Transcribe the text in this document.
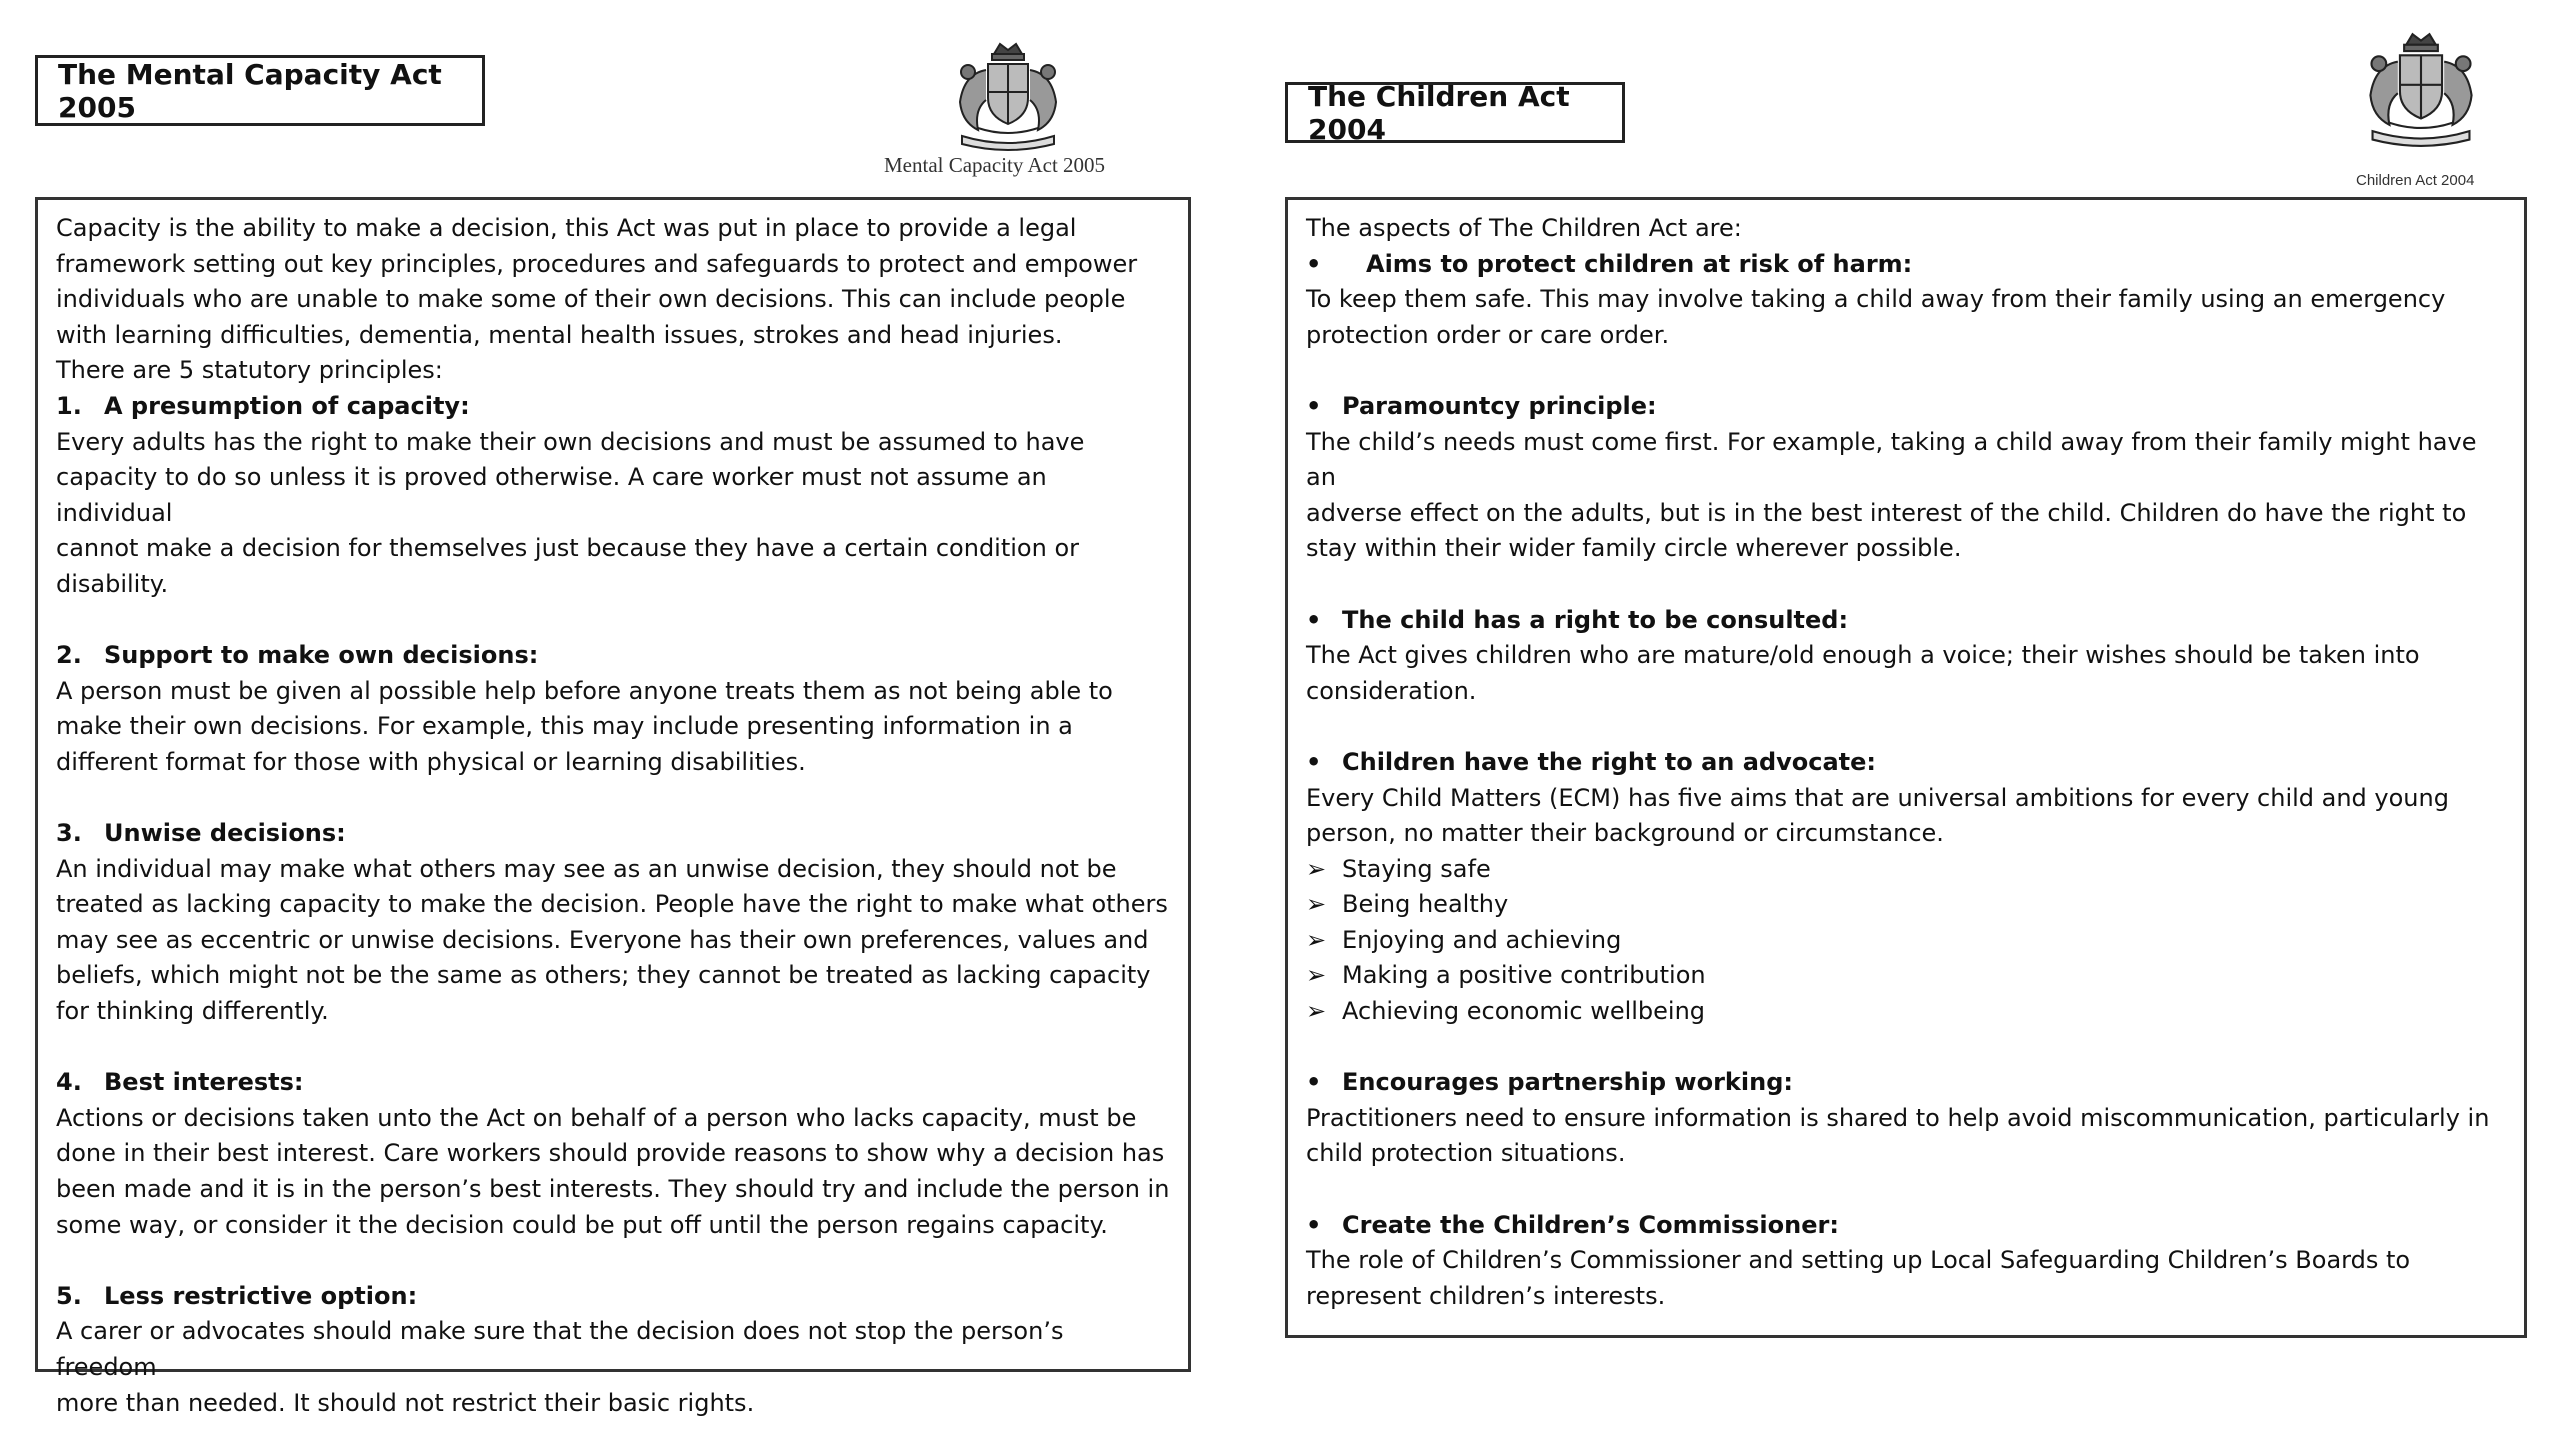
The Mental Capacity Act 2005
Mental Capacity Act 2005
The Children Act 2004
Children Act 2004
Capacity is the ability to make a decision, this Act was put in place to provide a legal
framework setting out key principles, procedures and safeguards to protect and empower
individuals who are unable to make some of their own decisions. This can include people
with learning difficulties, dementia, mental health issues, strokes and head injuries.
There are 5 statutory principles:
1. A presumption of capacity:
Every adults has the right to make their own decisions and must be assumed to have
capacity to do so unless it is proved otherwise. A care worker must not assume an individual
cannot make a decision for themselves just because they have a certain condition or
disability.
2. Support to make own decisions:
A person must be given al possible help before anyone treats them as not being able to
make their own decisions. For example, this may include presenting information in a
different format for those with physical or learning disabilities.
3. Unwise decisions:
An individual may make what others may see as an unwise decision, they should not be
treated as lacking capacity to make the decision. People have the right to make what others
may see as eccentric or unwise decisions. Everyone has their own preferences, values and
beliefs, which might not be the same as others; they cannot be treated as lacking capacity
for thinking differently.
4. Best interests:
Actions or decisions taken unto the Act on behalf of a person who lacks capacity, must be
done in their best interest. Care workers should provide reasons to show why a decision has
been made and it is in the person’s best interests. They should try and include the person in
some way, or consider it the decision could be put off until the person regains capacity.
5. Less restrictive option:
A carer or advocates should make sure that the decision does not stop the person’s freedom
more than needed. It should not restrict their basic rights.
The aspects of The Children Act are:
•	Aims to protect children at risk of harm:
To keep them safe. This may involve taking a child away from their family using an emergency
protection order or care order.
• Paramountcy principle:
The child’s needs must come first. For example, taking a child away from their family might have an
adverse effect on the adults, but is in the best interest of the child. Children do have the right to
stay within their wider family circle wherever possible.
• The child has a right to be consulted:
The Act gives children who are mature/old enough a voice; their wishes should be taken into
consideration.
• Children have the right to an advocate:
Every Child Matters (ECM) has five aims that are universal ambitions for every child and young
person, no matter their background or circumstance.
➢ Staying safe
➢ Being healthy
➢ Enjoying and achieving
➢ Making a positive contribution
➢ Achieving economic wellbeing
• Encourages partnership working:
Practitioners need to ensure information is shared to help avoid miscommunication, particularly in
child protection situations.
• Create the Children’s Commissioner:
The role of Children’s Commissioner and setting up Local Safeguarding Children’s Boards to
represent children’s interests.
